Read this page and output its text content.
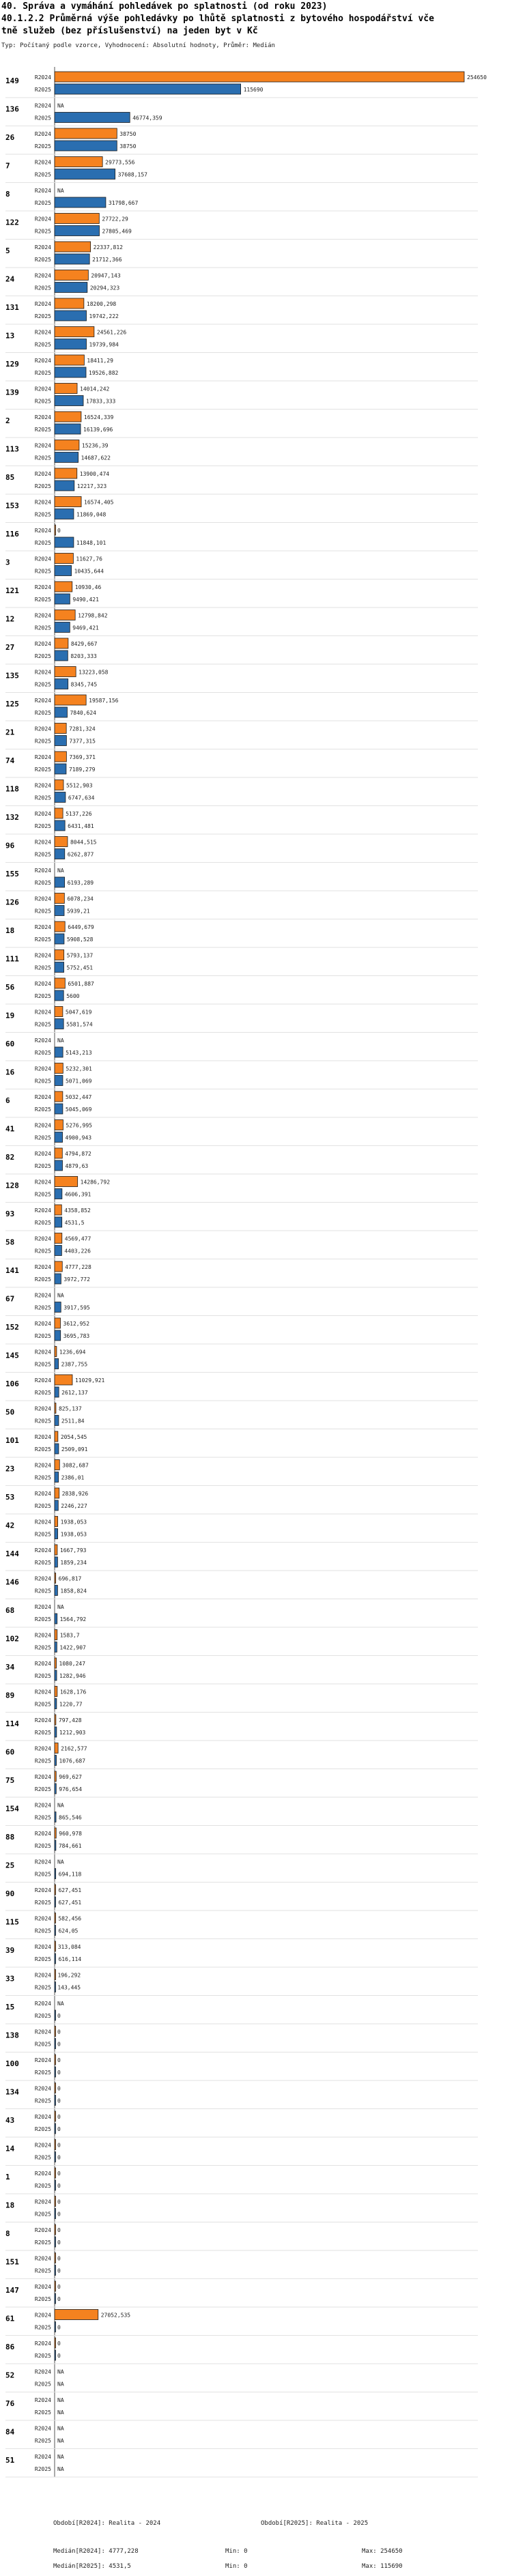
40. Správa a vymáhání pohledávek po splatnosti (od roku 2023)
40.1.2.2 Průměrná výše pohledávky po lhůtě splatnosti z bytového hospodářství vče
tně služeb (bez příslušenství) na jeden byt v Kč
Typ: Počítaný podle vzorce, Vyhodnocení: Absolutní hodnoty, Průměr: Medián
149	R2024	254650
R2025	115690
136	R2024 NA
R2025	46774,359
26	R2024	38750
R2025	38750
7	R2024	29773,556
R2025	37608,157
8	R2024 NA
R2025	31798,667
122	R2024	27722,29
R2025	27805,469
5	R2024	22337,812
R2025	21712,366
24	R2024	20947,143
R2025	20294,323
131	R2024	18200,298
R2025	19742,222
13	R2024	24561,226
R2025	19739,984
129	R2024	18411,29
R2025	19526,882
139	R2024	14014,242
R2025	17833,333
2	R2024	16524,339
R2025	16139,696
113	R2024	15236,39
R2025	14687,622
85	R2024	13900,474
R2025	12217,323
153	R2024	16574,405
R2025	11869,048
116	R2024 0
R2025	11848,101
3	R2024	11627,76
R2025	10435,644
121	R2024	10930,46
R2025	9490,421
12	R2024	12798,842
R2025	9469,421
27	R2024	8429,667
R2025	8203,333
135	R2024	13223,058
R2025	8345,745
125	R2024	19587,156
R2025	7840,624
21	R2024	7281,324
R2025	7377,315
74	R2024	7369,371
R2025	7189,279
118	R2024	5512,903
R2025	6747,634
132	R2024	5137,226
R2025	6431,481
96	R2024	8044,515
R2025	6262,877
155	R2024 NA
R2025	6193,289
126	R2024	6078,234
R2025	5939,21
18	R2024	6449,679
R2025	5908,528
111	R2024	5793,137
R2025	5752,451
56	R2024	6501,887
R2025	5600
19	R2024	5047,619
R2025	5581,574
60	R2024 NA
R2025	5143,213
16	R2024	5232,301
R2025	5071,069
6	R2024	5032,447
R2025	5045,069
41	R2024	5276,995
R2025	4900,943
82	R2024	4794,872
R2025	4879,63
128	R2024	14286,792
R2025 4606,391
93	R2024 4358,852
R2025 4531,5
58	R2024 4569,477
R2025 4403,226
141	R2024	4777,228
R2025 3972,772
67	R2024 NA
R2025 3917,595
152	R2024 3612,952
R2025 3695,783
145	R2024 1236,694
R2025 2387,755
106	R2024	11029,921
R2025 2612,137
50	R2024 825,137
R2025 2511,84
101	R2024 2054,545
R2025 2509,091
23	R2024 3082,687
R2025 2386,01
53	R2024 2838,926
R2025 2246,227
42	R2024 1938,053
R2025 1938,053
144	R2024 1667,793
R2025 1859,234
146	R2024 696,817
R2025 1858,824
68	R2024 NA
R2025 1564,792
102	R2024 1583,7
R2025 1422,907
34	R2024 1080,247
R2025 1282,946
89	R2024 1628,176
R2025 1220,77
114	R2024 797,428
R2025 1212,903
60	R2024 2162,577
R2025 1076,687
75	R2024 969,627
R2025 976,654
154	R2024 NA
R2025 865,546
88	R2024 960,978
R2025 784,661
25	R2024 NA
R2025 694,118
90	R2024 627,451
R2025 627,451
115	R2024 582,456
R2025 624,05
39	R2024 313,084
R2025 616,114
33	R2024 196,292
R2025 143,445
15	R2024 NA
R2025 0
138	R2024 0
R2025 0
100	R2024 0
R2025 0
134	R2024 0
R2025 0
43	R2024 0
R2025 0
14	R2024 0
R2025 0
1	R2024 0
R2025 0
18	R2024 0
R2025 0
8	R2024 0
R2025 0
151	R2024 0
R2025 0
147	R2024 0
R2025 0
61	R2024	27052,535
R2025 0
86	R2024 0
R2025 0
52	R2024 NA
R2025 NA
76	R2024 NA
R2025 NA
84	R2024 NA
R2025 NA
51	R2024 NA
R2025 NA
Období[R2024]: Realita - 2024	Období[R2025]: Realita - 2025
Medián[R2024]: 4777,228	Min: 0	Max: 254650
Medián[R2025]: 4531,5	Min: 0	Max: 115690
